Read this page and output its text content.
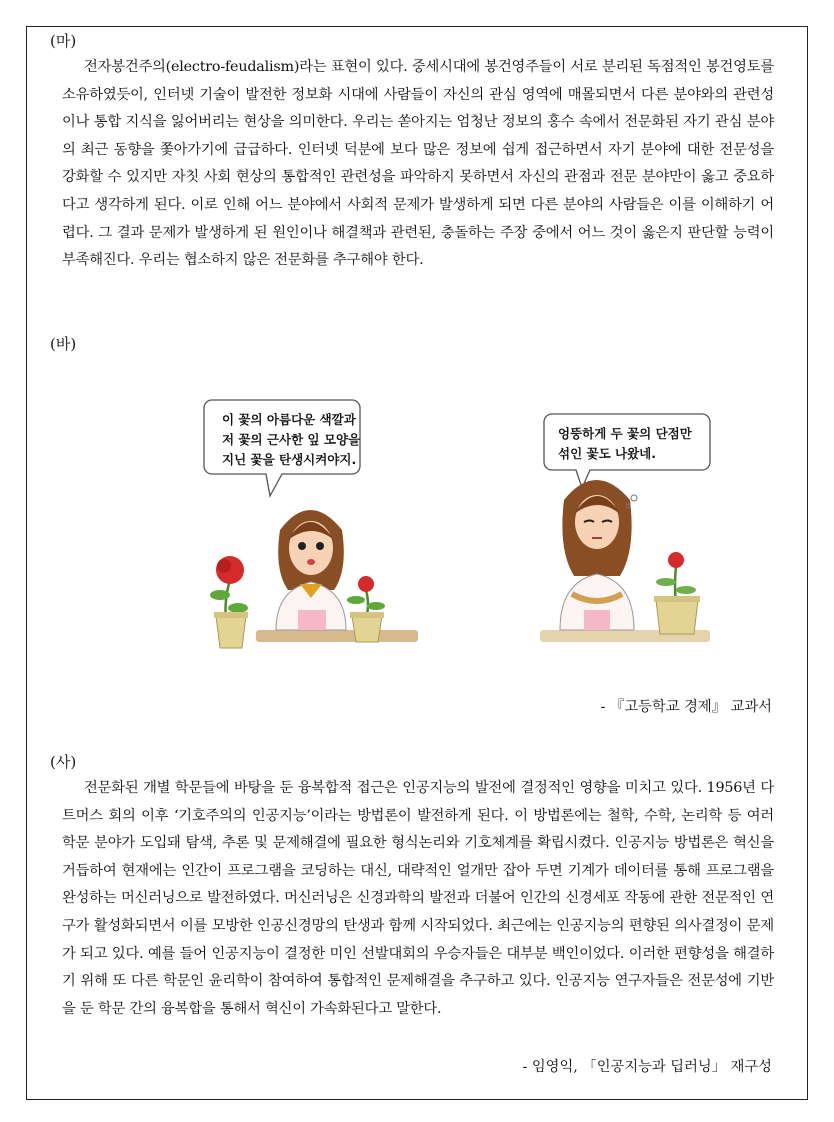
(마)
전자봉건주의(electro-feudalism)라는 표현이 있다. 중세시대에 봉건영주들이 서로 분리된 독점적인 봉건영토를 소유하였듯이, 인터넷 기술이 발전한 정보화 시대에 사람들이 자신의 관심 영역에 매몰되면서 다른 분야와의 관련성이나 통합 지식을 잃어버리는 현상을 의미한다. 우리는 쏟아지는 엄청난 정보의 홍수 속에서 전문화된 자기 관심 분야의 최근 동향을 쫓아가기에 급급하다. 인터넷 덕분에 보다 많은 정보에 쉽게 접근하면서 자기 분야에 대한 전문성을 강화할 수 있지만 자칫 사회 현상의 통합적인 관련성을 파악하지 못하면서 자신의 관점과 전문 분야만이 옳고 중요하다고 생각하게 된다. 이로 인해 어느 분야에서 사회적 문제가 발생하게 되면 다른 분야의 사람들은 이를 이해하기 어렵다. 그 결과 문제가 발생하게 된 원인이나 해결책과 관련된, 충돌하는 주장 중에서 어느 것이 옳은지 판단할 능력이 부족해진다. 우리는 협소하지 않은 전문화를 추구해야 한다.
(바)
이 꽃의 아름다운 색깔과
저 꽃의 근사한 잎 모양을
지닌 꽃을 탄생시켜야지.
엉뚱하게 두 꽃의 단점만
섞인 꽃도 나왔네.
- 『고등학교 경제』 교과서
(사)
전문화된 개별 학문들에 바탕을 둔 융복합적 접근은 인공지능의 발전에 결정적인 영향을 미치고 있다. 1956년 다트머스 회의 이후 ‘기호주의의 인공지능’이라는 방법론이 발전하게 된다. 이 방법론에는 철학, 수학, 논리학 등 여러 학문 분야가 도입돼 탐색, 추론 및 문제해결에 필요한 형식논리와 기호체계를 확립시켰다. 인공지능 방법론은 혁신을 거듭하여 현재에는 인간이 프로그램을 코딩하는 대신, 대략적인 얼개만 잡아 두면 기계가 데이터를 통해 프로그램을 완성하는 머신러닝으로 발전하였다. 머신러닝은 신경과학의 발전과 더불어 인간의 신경세포 작동에 관한 전문적인 연구가 활성화되면서 이를 모방한 인공신경망의 탄생과 함께 시작되었다. 최근에는 인공지능의 편향된 의사결정이 문제가 되고 있다. 예를 들어 인공지능이 결정한 미인 선발대회의 우승자들은 대부분 백인이었다. 이러한 편향성을 해결하기 위해 또 다른 학문인 윤리학이 참여하여 통합적인 문제해결을 추구하고 있다. 인공지능 연구자들은 전문성에 기반을 둔 학문 간의 융복합을 통해서 혁신이 가속화된다고 말한다.
- 임영익, 「인공지능과 딥러닝」 재구성
